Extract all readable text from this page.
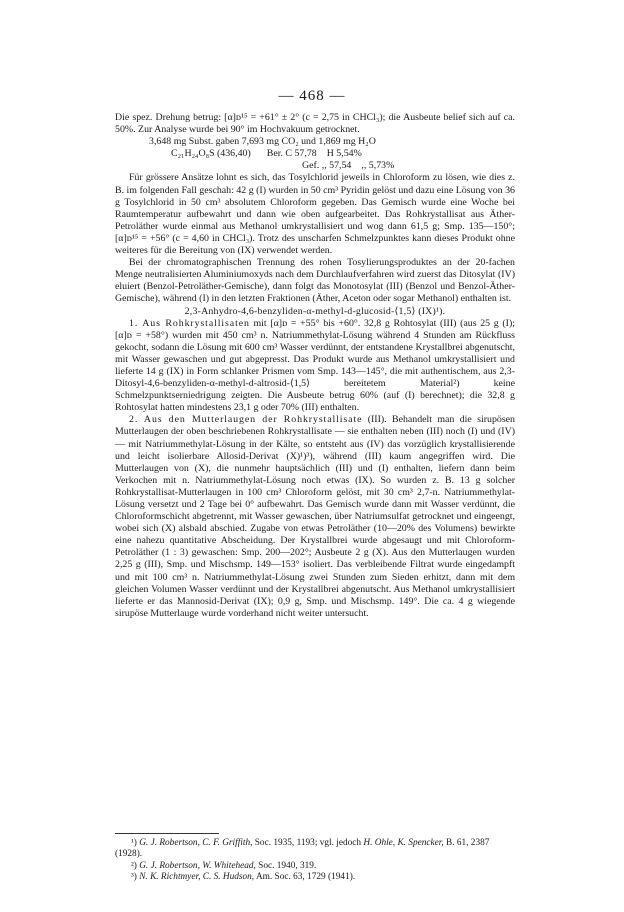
— 468 —

Die spez. Drehung betrug: [α]ᴅ¹⁵ = +61° ± 2° (c = 2,75 in CHCl₃); die Ausbeute belief sich auf ca. 50%. Zur Analyse wurde bei 90° im Hochvakuum getrocknet.

3,648 mg Subst. gaben 7,693 mg CO₂ und 1,869 mg H₂O
C₂₁H₂₄O₈S (436,40) Ber. C 57,78 H 5,54%
Gef. ,, 57,54 ,, 5,73%

Für grössere Ansätze lohnt es sich, das Tosylchlorid jeweils in Chloroform zu lösen, wie dies z. B. im folgenden Fall geschah: 42 g (I) wurden in 50 cm³ Pyridin gelöst und dazu eine Lösung von 36 g Tosylchlorid in 50 cm³ absolutem Chloroform gegeben. Das Gemisch wurde eine Woche bei Raumtemperatur aufbewahrt und dann wie oben aufgearbeitet. Das Rohkrystallisat aus Äther-Petroläther wurde einmal aus Methanol umkrystallisiert und wog dann 61,5 g; Smp. 135—150°; [α]ᴅ¹⁵ = +56° (c = 4,60 in CHCl₃). Trotz des unscharfen Schmelzpunktes kann dieses Produkt ohne weiteres für die Bereitung von (IX) verwendet werden.

Bei der chromatographischen Trennung des rohen Tosylierungsproduktes an der 20-fachen Menge neutralisierten Aluminiumoxyds nach dem Durchlaufverfahren wird zuerst das Ditosylat (IV) eluiert (Benzol-Petroläther-Gemische), dann folgt das Monotosylat (III) (Benzol und Benzol-Äther-Gemische), während (I) in den letzten Fraktionen (Äther, Aceton oder sogar Methanol) enthalten ist.

2,3-Anhydro-4,6-benzyliden-α-methyl-d-glucosid-⟨1,5⟩ (IX)¹).

1. Aus Rohkrystallisaten mit [α]ᴅ = +55° bis +60°. 32,8 g Rohtosylat (III) (aus 25 g (I); [α]ᴅ = +58°) wurden mit 450 cm³ n. Natriummethylat-Lösung während 4 Stunden am Rückfluss gekocht, sodann die Lösung mit 600 cm³ Wasser verdünnt, der entstandene Krystallbrei abgenutscht, mit Wasser gewaschen und gut abgepresst. Das Produkt wurde aus Methanol umkrystallisiert und lieferte 14 g (IX) in Form schlanker Prismen vom Smp. 143—145°, die mit authentischem, aus 2,3-Ditosyl-4,6-benzyliden-α-methyl-d-altrosid-⟨1,5⟩ bereitetem Material²) keine Schmelzpunktserniedrigung zeigten. Die Ausbeute betrug 60% (auf (I) berechnet); die 32,8 g Rohtosylat hatten mindestens 23,1 g oder 70% (III) enthalten.

2. Aus den Mutterlaugen der Rohkrystallisate (III). Behandelt man die sirupösen Mutterlaugen der oben beschriebenen Rohkrystallisate — sie enthalten neben (III) noch (I) und (IV) — mit Natriummethylat-Lösung in der Kälte, so entsteht aus (IV) das vorzüglich krystallisierende und leicht isolierbare Allosid-Derivat (X)¹)³), während (III) kaum angegriffen wird. Die Mutterlaugen von (X), die nunmehr hauptsächlich (III) und (I) enthalten, liefern dann beim Verkochen mit n. Natriummethylat-Lösung noch etwas (IX). So wurden z. B. 13 g solcher Rohkrystallisat-Mutterlaugen in 100 cm³ Chloroform gelöst, mit 30 cm³ 2,7-n. Natriummethylat-Lösung versetzt und 2 Tage bei 0° aufbewahrt. Das Gemisch wurde dann mit Wasser verdünnt, die Chloroformschicht abgetrennt, mit Wasser gewaschen, über Natriumsulfat getrocknet und eingeengt, wobei sich (X) alsbald abschied. Zugabe von etwas Petroläther (10—20% des Volumens) bewirkte eine nahezu quantitative Abscheidung. Der Krystallbrei wurde abgesaugt und mit Chloroform-Petroläther (1 : 3) gewaschen: Smp. 200—202°; Ausbeute 2 g (X). Aus den Mutterlaugen wurden 2,25 g (III), Smp. und Mischsmp. 149—153° isoliert. Das verbleibende Filtrat wurde eingedampft und mit 100 cm³ n. Natriummethylat-Lösung zwei Stunden zum Sieden erhitzt, dann mit dem gleichen Volumen Wasser verdünnt und der Krystallbrei abgenutscht. Aus Methanol umkrystallisiert lieferte er das Mannosid-Derivat (IX); 0,9 g, Smp. und Mischsmp. 149°. Die ca. 4 g wiegende sirupöse Mutterlauge wurde vorderhand nicht weiter untersucht.

¹) G. J. Robertson, C. F. Griffith, Soc. 1935, 1193; vgl. jedoch H. Ohle, K. Spencker, B. 61, 2387 (1928).
²) G. J. Robertson, W. Whitehead, Soc. 1940, 319.
³) N. K. Richtmyer, C. S. Hudson, Am. Soc. 63, 1729 (1941).
